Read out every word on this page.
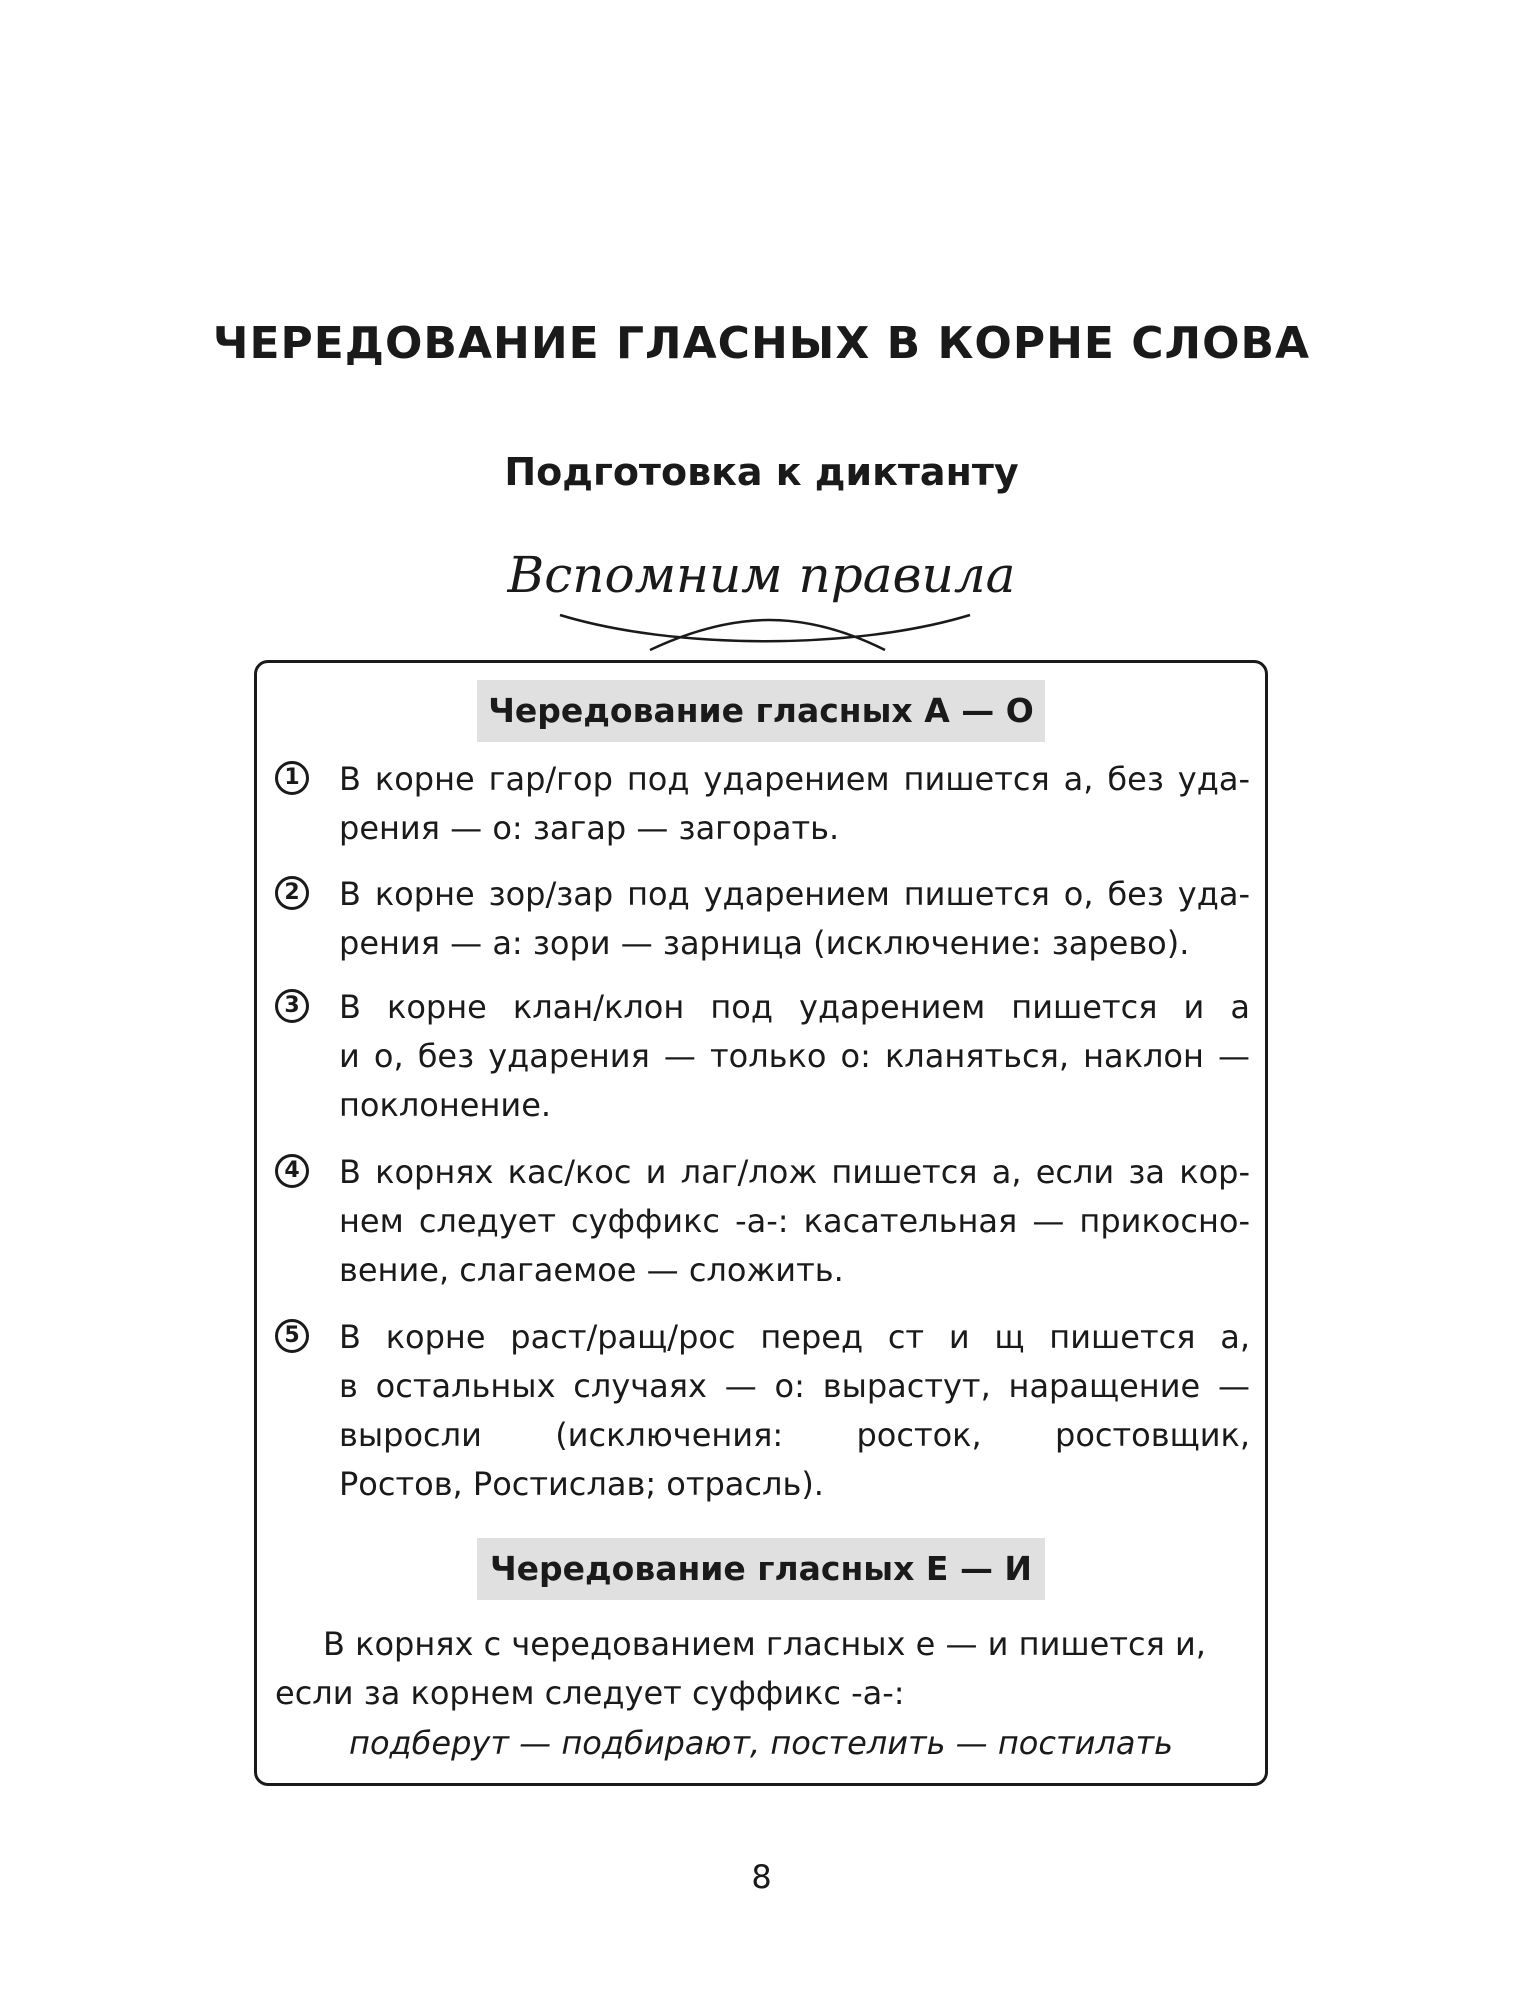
ЧЕРЕДОВАНИЕ ГЛАСНЫХ В КОРНЕ СЛОВА
Подготовка к диктанту
Вспомним правила
Чередование гласных А — О
1 В корне гар/гор под ударением пишется а, без уда-
рения — о: загар — загорать.
2 В корне зор/зар под ударением пишется о, без уда-
рения — а: зори — зарница (исключение: зарево).
3 В корне клан/клон под ударением пишется и а
и о, без ударения — только о: кланяться, наклон —
поклонение.
4 В корнях кас/кос и лаг/лож пишется а, если за кор-
нем следует суффикс -а-: касательная — прикосно-
вение, слагаемое — сложить.
5 В корне раст/ращ/рос перед ст и щ пишется а,
в остальных случаях — о: вырастут, наращение —
выросли (исключения: росток, ростовщик,
Ростов, Ростислав; отрасль).
Чередование гласных Е — И
В корнях с чередованием гласных е — и пишется и,
если за корнем следует суффикс -а-:
подберут — подбирают, постелить — постилать
8
